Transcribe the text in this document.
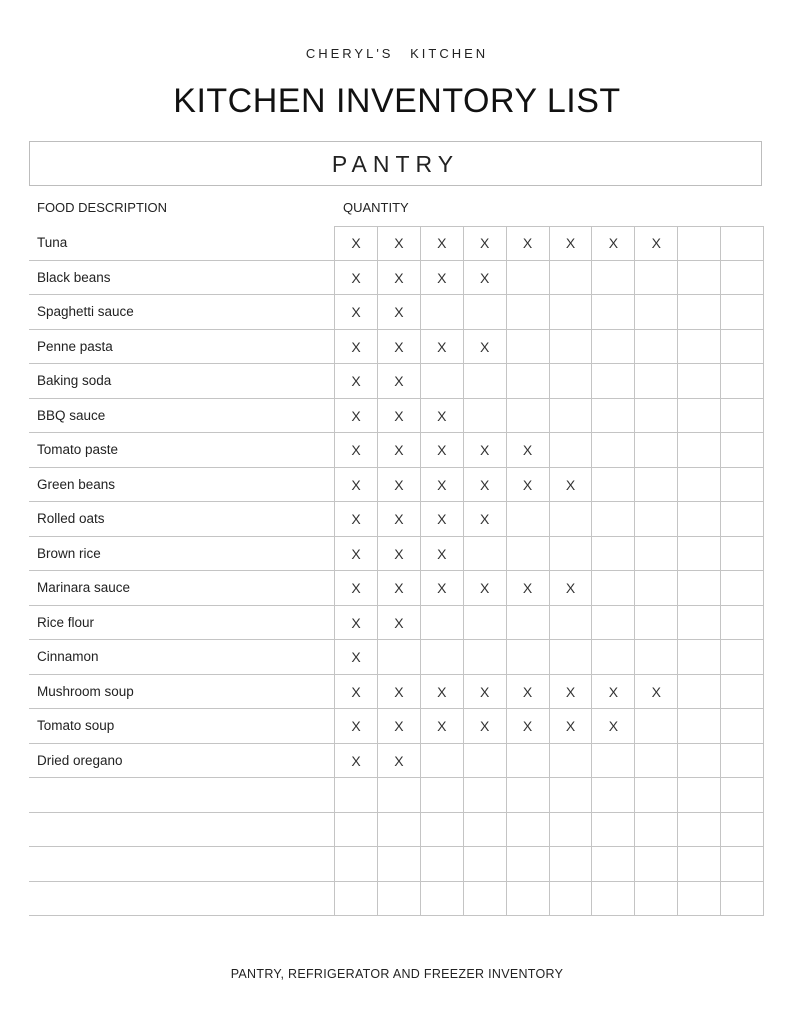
CHERYL'S KITCHEN
KITCHEN INVENTORY LIST
PANTRY
FOOD DESCRIPTION	QUANTITY
Tuna	X	X	X	X	X	X	X	X
Black beans	X	X	X	X
Spaghetti sauce	X	X
Penne pasta	X	X	X	X
Baking soda	X	X
BBQ sauce	X	X	X
Tomato paste	X	X	X	X	X
Green beans	X	X	X	X	X	X
Rolled oats	X	X	X	X
Brown rice	X	X	X
Marinara sauce	X	X	X	X	X	X
Rice flour	X	X
Cinnamon	X
Mushroom soup	X	X	X	X	X	X	X	X
Tomato soup	X	X	X	X	X	X	X
Dried oregano	X	X
PANTRY, REFRIGERATOR AND FREEZER INVENTORY
